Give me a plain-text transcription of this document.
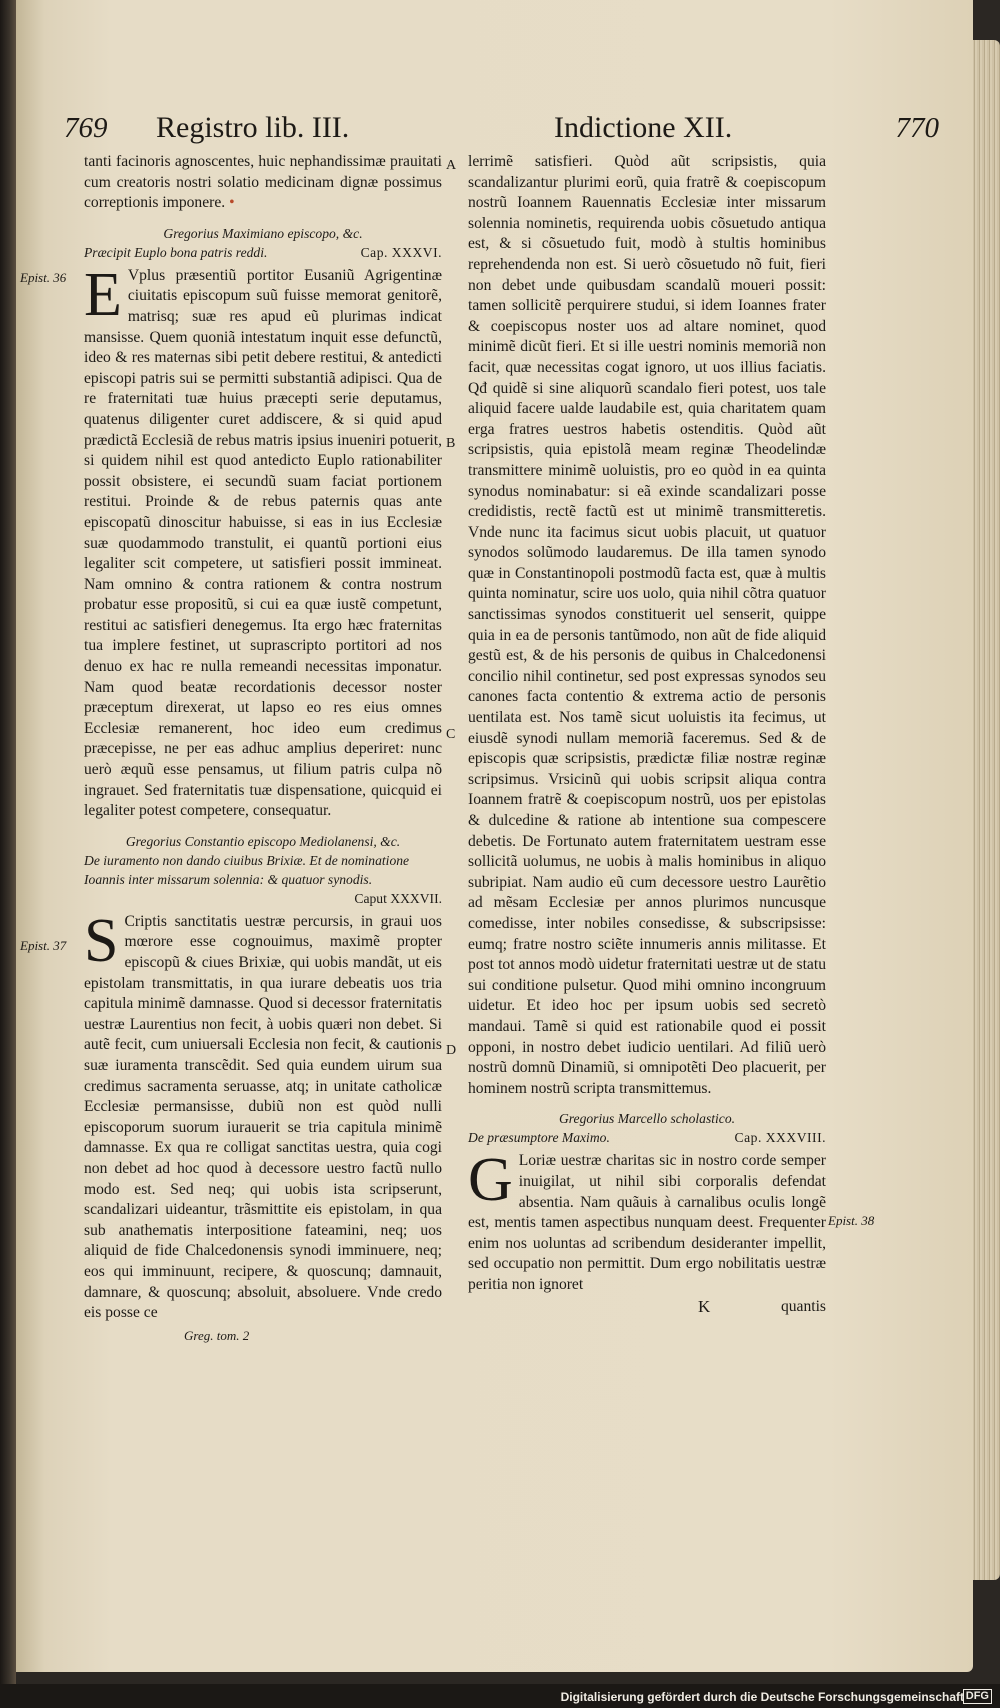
769 Registro lib. III.	Indictione XII.	770
Epist. 36
Epist. 37
Epist. 38
A
B
C
D

tanti facinoris agnoscentes, huic nephandissimæ prauitati cum creatoris nostri solatio medicinam dignæ possimus correptionis imponere. •

Gregorius Maximiano episcopo, &c.
Præcipit Euplo bona patris reddi.	Cap. XXXVI.

E Vplus præsentiũ portitor Eusaniũ Agrigentinæ ciuitatis episcopum suũ fuisse memorat genitorẽ, matrisq; suæ res apud eũ plurimas indicat mansisse. Quem quoniã intestatum inquit esse defunctũ, ideo & res maternas sibi petit debere restitui, & antedicti episcopi patris sui se permitti substantiã adipisci. Qua de re fraternitati tuæ huius præcepti serie deputamus, quatenus diligenter curet addiscere, & si quid apud prædictã Ecclesiã de rebus matris ipsius inueniri potuerit, si quidem nihil est quod antedicto Euplo rationabiliter possit obsistere, ei secundũ suam faciat portionem restitui. Proinde & de rebus paternis quas ante episcopatũ dinoscitur habuisse, si eas in ius Ecclesiæ suæ quodammodo transtulit, ei quantũ portioni eius legaliter scit competere, ut satisfieri possit immineat. Nam omnino & contra rationem & contra nostrum probatur esse propositũ, si cui ea quæ iustẽ competunt, restitui ac satisfieri denegemus. Ita ergo hæc fraternitas tua implere festinet, ut suprascripto portitori ad nos denuo ex hac re nulla remeandi necessitas imponatur. Nam quod beatæ recordationis decessor noster præceptum direxerat, ut lapso eo res eius omnes Ecclesiæ remanerent, hoc ideo eum credimus præcepisse, ne per eas adhuc amplius deperiret: nunc uerò æquũ esse pensamus, ut filium patris culpa nõ ingrauet. Sed fraternitatis tuæ dispensatione, quicquid ei legaliter potest competere, consequatur.

Gregorius Constantio episcopo Mediolanensi, &c.
De iuramento non dando ciuibus Brixiæ. Et de nominatione
Ioannis inter missarum solennia: & quatuor synodis.
Caput XXXVII.

S Criptis sanctitatis uestræ percursis, in graui uos mœrore esse cognouimus, maximẽ propter episcopũ & ciues Brixiæ, qui uobis mandãt, ut eis epistolam transmittatis, in qua iurare debeatis uos tria capitula minimẽ damnasse. Quod si decessor fraternitatis uestræ Laurentius non fecit, à uobis quæri non debet. Si autẽ fecit, cum uniuersali Ecclesia non fecit, & cautionis suæ iuramenta transcẽdit. Sed quia eundem uirum sua credimus sacramenta seruasse, atq; in unitate catholicæ Ecclesiæ permansisse, dubiũ non est quòd nulli episcoporum suorum iurauerit se tria capitula minimẽ damnasse. Ex qua re colligat sanctitas uestra, quia cogi non debet ad hoc quod à decessore uestro factũ nullo modo est. Sed neq; qui uobis ista scripserunt, scandalizari uideantur, trãsmittite eis epistolam, in qua sub anathematis interpositione fateamini, neq; uos aliquid de fide Chalcedonensis synodi imminuere, neq; eos qui imminuunt, recipere, & quoscunq; damnauit, damnare, & quoscunq; absoluit, absoluere. Vnde credo eis posse ce

Greg. tom. 2

lerrimẽ satisfieri. Quòd aũt scripsistis, quia scandalizantur plurimi eorũ, quia fratrẽ & coepiscopum nostrũ Ioannem Rauennatis Ecclesiæ inter missarum solennia nominetis, requirenda uobis cõsuetudo antiqua est, & si cõsuetudo fuit, modò à stultis hominibus reprehendenda non est. Si uerò cõsuetudo nõ fuit, fieri non debet unde quibusdam scandalũ moueri possit: tamen sollicitẽ perquirere studui, si idem Ioannes frater & coepiscopus noster uos ad altare nominet, quod minimẽ dicũt fieri. Et si ille uestri nominis memoriã non facit, quæ necessitas cogat ignoro, ut uos illius faciatis. Qđ quidẽ si sine aliquorũ scandalo fieri potest, uos tale aliquid facere ualde laudabile est, quia charitatem quam erga fratres uestros habetis ostenditis. Quòd aũt scripsistis, quia epistolã meam reginæ Theodelindæ transmittere minimẽ uoluistis, pro eo quòd in ea quinta synodus nominabatur: si eã exinde scandalizari posse credidistis, rectẽ factũ est ut minimẽ transmitteretis. Vnde nunc ita facimus sicut uobis placuit, ut quatuor synodos solũmodo laudaremus. De illa tamen synodo quæ in Constantinopoli postmodũ facta est, quæ à multis quinta nominatur, scire uos uolo, quia nihil cõtra quatuor sanctissimas synodos constituerit uel senserit, quippe quia in ea de personis tantũmodo, non aũt de fide aliquid gestũ est, & de his personis de quibus in Chalcedonensi concilio nihil continetur, sed post expressas synodos seu canones facta contentio & extrema actio de personis uentilata est. Nos tamẽ sicut uoluistis ita fecimus, ut eiusdẽ synodi nullam memoriã faceremus. Sed & de episcopis quæ scripsistis, prædictæ filiæ nostræ reginæ scripsimus. Vrsicinũ qui uobis scripsit aliqua contra Ioannem fratrẽ & coepiscopum nostrũ, uos per epistolas & dulcedine & ratione ab intentione sua compescere debetis. De Fortunato autem fraternitatem uestram esse sollicitã uolumus, ne uobis à malis hominibus in aliquo subripiat. Nam audio eũ cum decessore uestro Laurẽtio ad mẽsam Ecclesiæ per annos plurimos nuncusque comedisse, inter nobiles consedisse, & subscripsisse: eumq; fratre nostro sciẽte innumeris annis militasse. Et post tot annos modò uidetur fraternitati uestræ ut de statu sui conditione pulsetur. Quod mihi omnino incongruum uidetur. Et ideo hoc per ipsum uobis sed secretò mandaui. Tamẽ si quid est rationabile quod ei possit opponi, in nostro debet iudicio uentilari. Ad filiũ uerò nostrũ domnũ Dinamiũ, si omnipotẽti Deo placuerit, per hominem nostrũ scripta transmittemus.

Gregorius Marcello scholastico.
De præsumptore Maximo.	Cap. XXXVIII.

G Loriæ uestræ charitas sic in nostro corde semper inuigilat, ut nihil sibi corporalis defendat absentia. Nam quãuis à carnalibus oculis longẽ est, mentis tamen aspectibus nunquam deest. Frequenter enim nos uoluntas ad scribendum desideranter impellit, sed occupatio non permittit. Dum ergo nobilitatis uestræ peritia non ignoret

K	quantis

Digitalisierung gefördert durch die Deutsche Forschungsgemeinschaft DFG
